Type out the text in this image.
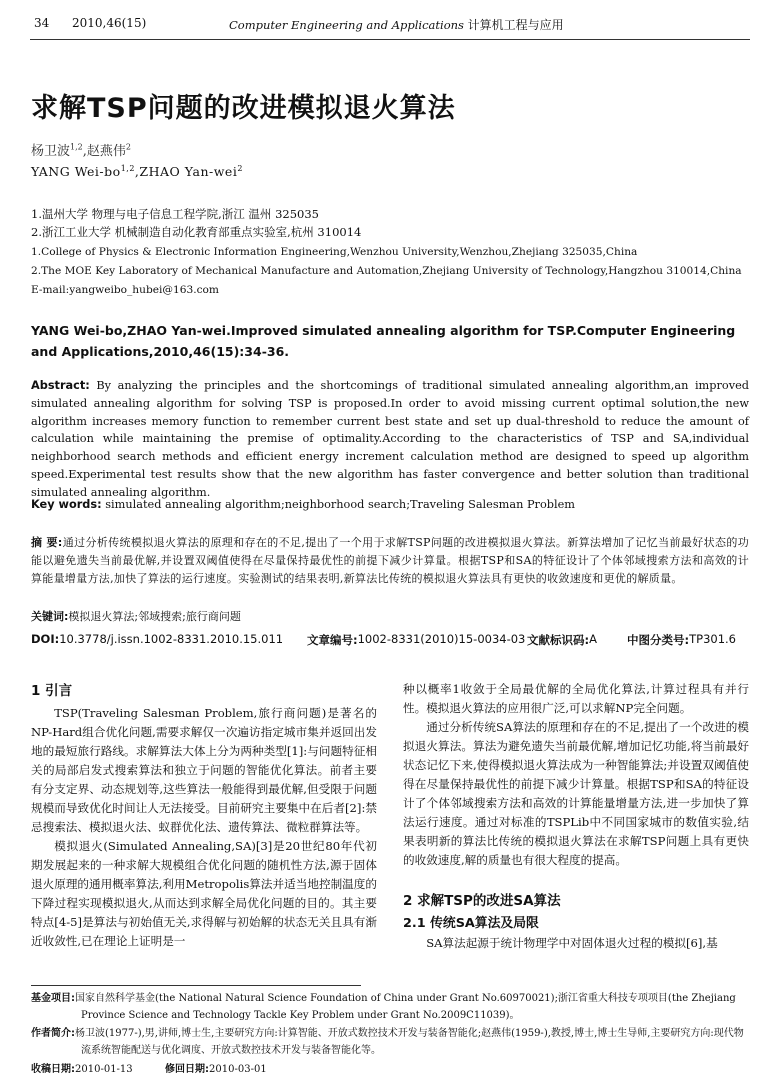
34 2010,46(15)	Computer Engineering and Applications 计算机工程与应用
求解TSP问题的改进模拟退火算法
杨卫波$^{1,2}$,赵燕伟$^2$
YANG Wei-bo$^{1,2}$,ZHAO Yan-wei$^2$
1.温州大学 物理与电子信息工程学院,浙江 温州 325035
2.浙江工业大学 机械制造自动化教育部重点实验室,杭州 310014
1.College of Physics & Electronic Information Engineering,Wenzhou University,Wenzhou,Zhejiang 325035,China
2.The MOE Key Laboratory of Mechanical Manufacture and Automation,Zhejiang University of Technology,Hangzhou 310014,China
E-mail:yangweibo_hubei@163.com
YANG Wei-bo,ZHAO Yan-wei.Improved simulated annealing algorithm for TSP.Computer Engineering and Applications,2010,46(15):34-36.
Abstract: By analyzing the principles and the shortcomings of traditional simulated annealing algorithm,an improved simulated annealing algorithm for solving TSP is proposed.In order to avoid missing current optimal solution,the new algorithm increases memory function to remember current best state and set up dual-threshold to reduce the amount of calculation while maintaining the premise of optimality.According to the characteristics of TSP and SA,individual neighborhood search methods and efficient energy increment calculation method are designed to speed up algorithm speed.Experimental test results show that the new algorithm has faster convergence and better solution than traditional simulated annealing algorithm.
Key words: simulated annealing algorithm;neighborhood search;Traveling Salesman Problem
摘 要:通过分析传统模拟退火算法的原理和存在的不足,提出了一个用于求解TSP问题的改进模拟退火算法。新算法增加了记忆当前最好状态的功能以避免遗失当前最优解,并设置双阈值使得在尽量保持最优性的前提下减少计算量。根据TSP和SA的特征设计了个体邻域搜索方法和高效的计算能量增量方法,加快了算法的运行速度。实验测试的结果表明,新算法比传统的模拟退火算法具有更快的收敛速度和更优的解质量。
关键词:模拟退火算法;邻域搜索;旅行商问题
DOI: 10.3778/j.issn.1002-8331.2010.15.011 文章编号: 1002-8331(2010)15-0034-03 文献标识码: A	中图分类号: TP301.6
1 引言

TSP(Traveling Salesman Problem,旅行商问题)是著名的NP-Hard组合优化问题,需要求解仅一次遍访指定城市集并返回出发地的最短旅行路线。求解算法大体上分为两种类型[1]:与问题特征相关的局部启发式搜索算法和独立于问题的智能优化算法。前者主要有分支定界、动态规划等,这些算法一般能得到最优解,但受限于问题规模而导致优化时间让人无法接受。目前研究主要集中在后者[2]:禁忌搜索法、模拟退火法、蚁群优化法、遗传算法、微粒群算法等。

模拟退火(Simulated Annealing,SA)[3]是20世纪80年代初期发展起来的一种求解大规模组合优化问题的随机性方法,源于固体退火原理的通用概率算法,利用Metropolis算法并适当地控制温度的下降过程实现模拟退火,从而达到求解全局优化问题的目的。其主要特点[4-5]是算法与初始值无关,求得解与初始解的状态无关且具有渐近收敛性,已在理论上证明是一

种以概率1收敛于全局最优解的全局优化算法,计算过程具有并行性。模拟退火算法的应用很广泛,可以求解NP完全问题。

通过分析传统SA算法的原理和存在的不足,提出了一个改进的模拟退火算法。算法为避免遗失当前最优解,增加记忆功能,将当前最好状态记忆下来,使得模拟退火算法成为一种智能算法;并设置双阈值使得在尽量保持最优性的前提下减少计算量。根据TSP和SA的特征设计了个体邻域搜索方法和高效的计算能量增量方法,进一步加快了算法运行速度。通过对标准的TSPLib中不同国家城市的数值实验,结果表明新的算法比传统的模拟退火算法在求解TSP问题上具有更快的收敛速度,解的质量也有很大程度的提高。

2 求解TSP的改进SA算法
2.1 传统SA算法及局限

SA算法起源于统计物理学中对固体退火过程的模拟[6],基

基金项目:国家自然科学基金(the National Natural Science Foundation of China under Grant No.60970021);浙江省重大科技专项项目(the Zhejiang Province Science and Technology Tackle Key Problem under Grant No.2009C11039)。
作者简介:杨卫波(1977-),男,讲师,博士生,主要研究方向:计算智能、开放式数控技术开发与装备智能化;赵燕伟(1959-),教授,博士,博士生导师,主要研究方向:现代物流系统智能配送与优化调度、开放式数控技术开发与装备智能化等。
收稿日期:2010-01-13	修回日期:2010-03-01
